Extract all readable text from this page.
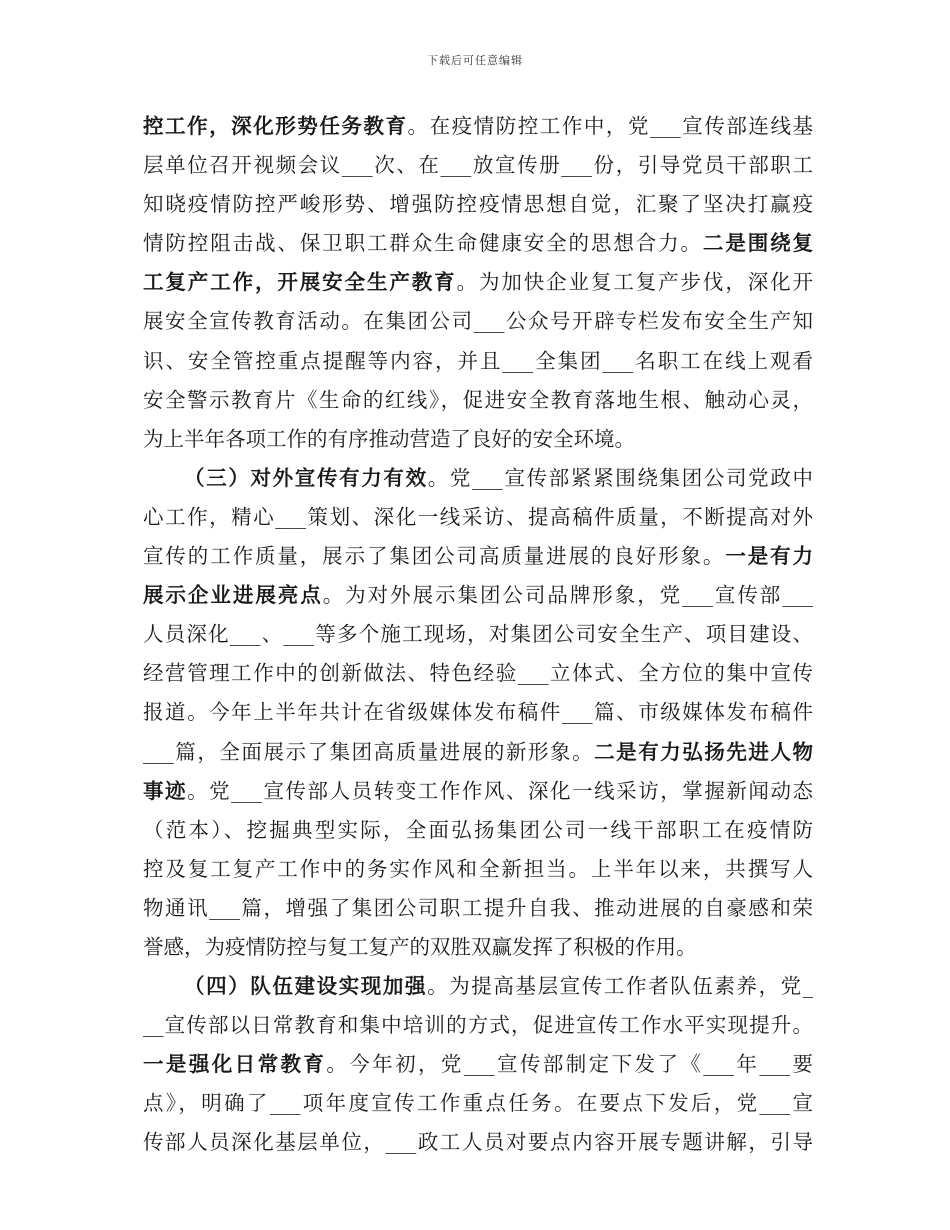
下载后可任意编辑
控工作，深化形势任务教育。在疫情防控工作中，党___宣传部连线基
层单位召开视频会议___次、在___放宣传册___份，引导党员干部职工
知晓疫情防控严峻形势、增强防控疫情思想自觉，汇聚了坚决打赢疫
情防控阻击战、保卫职工群众生命健康安全的思想合力。二是围绕复
工复产工作，开展安全生产教育。为加快企业复工复产步伐，深化开
展安全宣传教育活动。在集团公司___公众号开辟专栏发布安全生产知
识、安全管控重点提醒等内容，并且___全集团___名职工在线上观看
安全警示教育片《生命的红线》，促进安全教育落地生根、触动心灵，
为上半年各项工作的有序推动营造了良好的安全环境。
（三）对外宣传有力有效。党___宣传部紧紧围绕集团公司党政中
心工作，精心___策划、深化一线采访、提高稿件质量，不断提高对外
宣传的工作质量，展示了集团公司高质量进展的良好形象。一是有力
展示企业进展亮点。为对外展示集团公司品牌形象，党___宣传部___
人员深化___、___等多个施工现场，对集团公司安全生产、项目建设、
经营管理工作中的创新做法、特色经验___立体式、全方位的集中宣传
报道。今年上半年共计在省级媒体发布稿件___篇、市级媒体发布稿件
___篇，全面展示了集团高质量进展的新形象。二是有力弘扬先进人物
事迹。党___宣传部人员转变工作作风、深化一线采访，掌握新闻动态
（范本）、挖掘典型实际，全面弘扬集团公司一线干部职工在疫情防
控及复工复产工作中的务实作风和全新担当。上半年以来，共撰写人
物通讯___篇，增强了集团公司职工提升自我、推动进展的自豪感和荣
誉感，为疫情防控与复工复产的双胜双赢发挥了积极的作用。
（四）队伍建设实现加强。为提高基层宣传工作者队伍素养，党_
__宣传部以日常教育和集中培训的方式，促进宣传工作水平实现提升。
一是强化日常教育。今年初，党___宣传部制定下发了《___年___要
点》，明确了___项年度宣传工作重点任务。在要点下发后，党___宣
传部人员深化基层单位，___政工人员对要点内容开展专题讲解，引导
